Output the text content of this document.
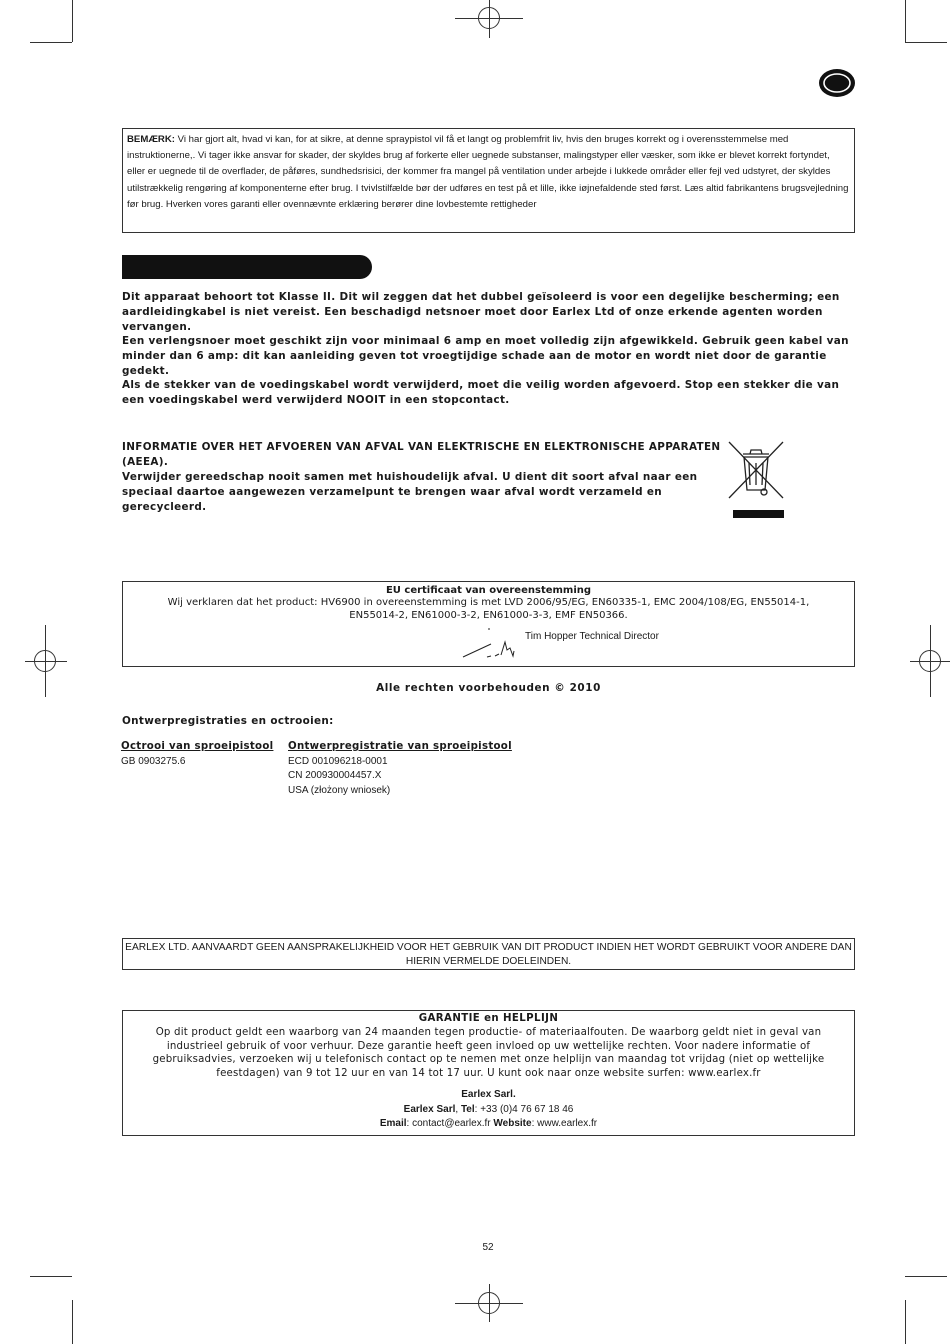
BEMÆRK: Vi har gjort alt, hvad vi kan, for at sikre, at denne spraypistol vil få et langt og problemfrit liv, hvis den bruges korrekt og i overensstemmelse med instruktionerne,. Vi tager ikke ansvar for skader, der skyldes brug af forkerte eller uegnede substanser, malingstyper eller væsker, som ikke er blevet korrekt fortyndet, eller er uegnede til de overflader, de påføres, sundhedsrisici, der kommer fra mangel på ventilation under arbejde i lukkede områder eller fejl ved udstyret, der skyldes utilstrækkelig rengøring af komponenterne efter brug. I tvivlstilfælde bør der udføres en test på et lille, ikke iøjnefaldende sted først. Læs altid fabrikantens brugsvejledning før brug. Hverken vores garanti eller ovennævnte erklæring berører dine lovbestemte rettigheder
Dit apparaat behoort tot Klasse II. Dit wil zeggen dat het dubbel geïsoleerd is voor een degelijke bescherming; een aardleidingkabel is niet vereist. Een beschadigd netsnoer moet door Earlex Ltd of onze erkende agenten worden vervangen.
Een verlengsnoer moet geschikt zijn voor minimaal 6 amp en moet volledig zijn afgewikkeld. Gebruik geen kabel van minder dan 6 amp: dit kan aanleiding geven tot vroegtijdige schade aan de motor en wordt niet door de garantie gedekt.
Als de stekker van de voedingskabel wordt verwijderd, moet die veilig worden afgevoerd. Stop een stekker die van een voedingskabel werd verwijderd NOOIT in een stopcontact.
INFORMATIE OVER HET AFVOEREN VAN AFVAL VAN ELEKTRISCHE EN ELEKTRONISCHE APPARATEN (AEEA).
Verwijder gereedschap nooit samen met huishoudelijk afval. U dient dit soort afval naar een speciaal daartoe aangewezen verzamelpunt te brengen waar afval wordt verzameld en gerecycleerd.
EU certificaat van overeenstemming
Wij verklaren dat het product: HV6900 in overeenstemming is met LVD 2006/95/EG, EN60335-1, EMC 2004/108/EG, EN55014-1, EN55014-2, EN61000-3-2, EN61000-3-3, EMF EN50366.
Tim Hopper Technical Director
Alle rechten voorbehouden © 2010
Ontwerpregistraties en octrooien:
Octrooi van sproeipistool
GB 0903275.6
Ontwerpregistratie van sproeipistool
ECD 001096218-0001
CN 200930004457.X
USA (złożony wniosek)
EARLEX LTD. AANVAARDT GEEN AANSPRAKELIJKHEID VOOR HET GEBRUIK VAN DIT PRODUCT INDIEN HET WORDT GEBRUIKT VOOR ANDERE DAN HIERIN VERMELDE DOELEINDEN.
GARANTIE en HELPLIJN
Op dit product geldt een waarborg van 24 maanden tegen productie- of materiaalfouten. De waarborg geldt niet in geval van industrieel gebruik of voor verhuur. Deze garantie heeft geen invloed op uw wettelijke rechten. Voor nadere informatie of gebruiksadvies, verzoeken wij u telefonisch contact op te nemen met onze helplijn van maandag tot vrijdag (niet op wettelijke feestdagen) van 9 tot 12 uur en van 14 tot 17 uur. U kunt ook naar onze website surfen: www.earlex.fr
Earlex Sarl.
Earlex Sarl, Tel: +33 (0)4 76 67 18 46
Email: contact@earlex.fr Website: www.earlex.fr
52
